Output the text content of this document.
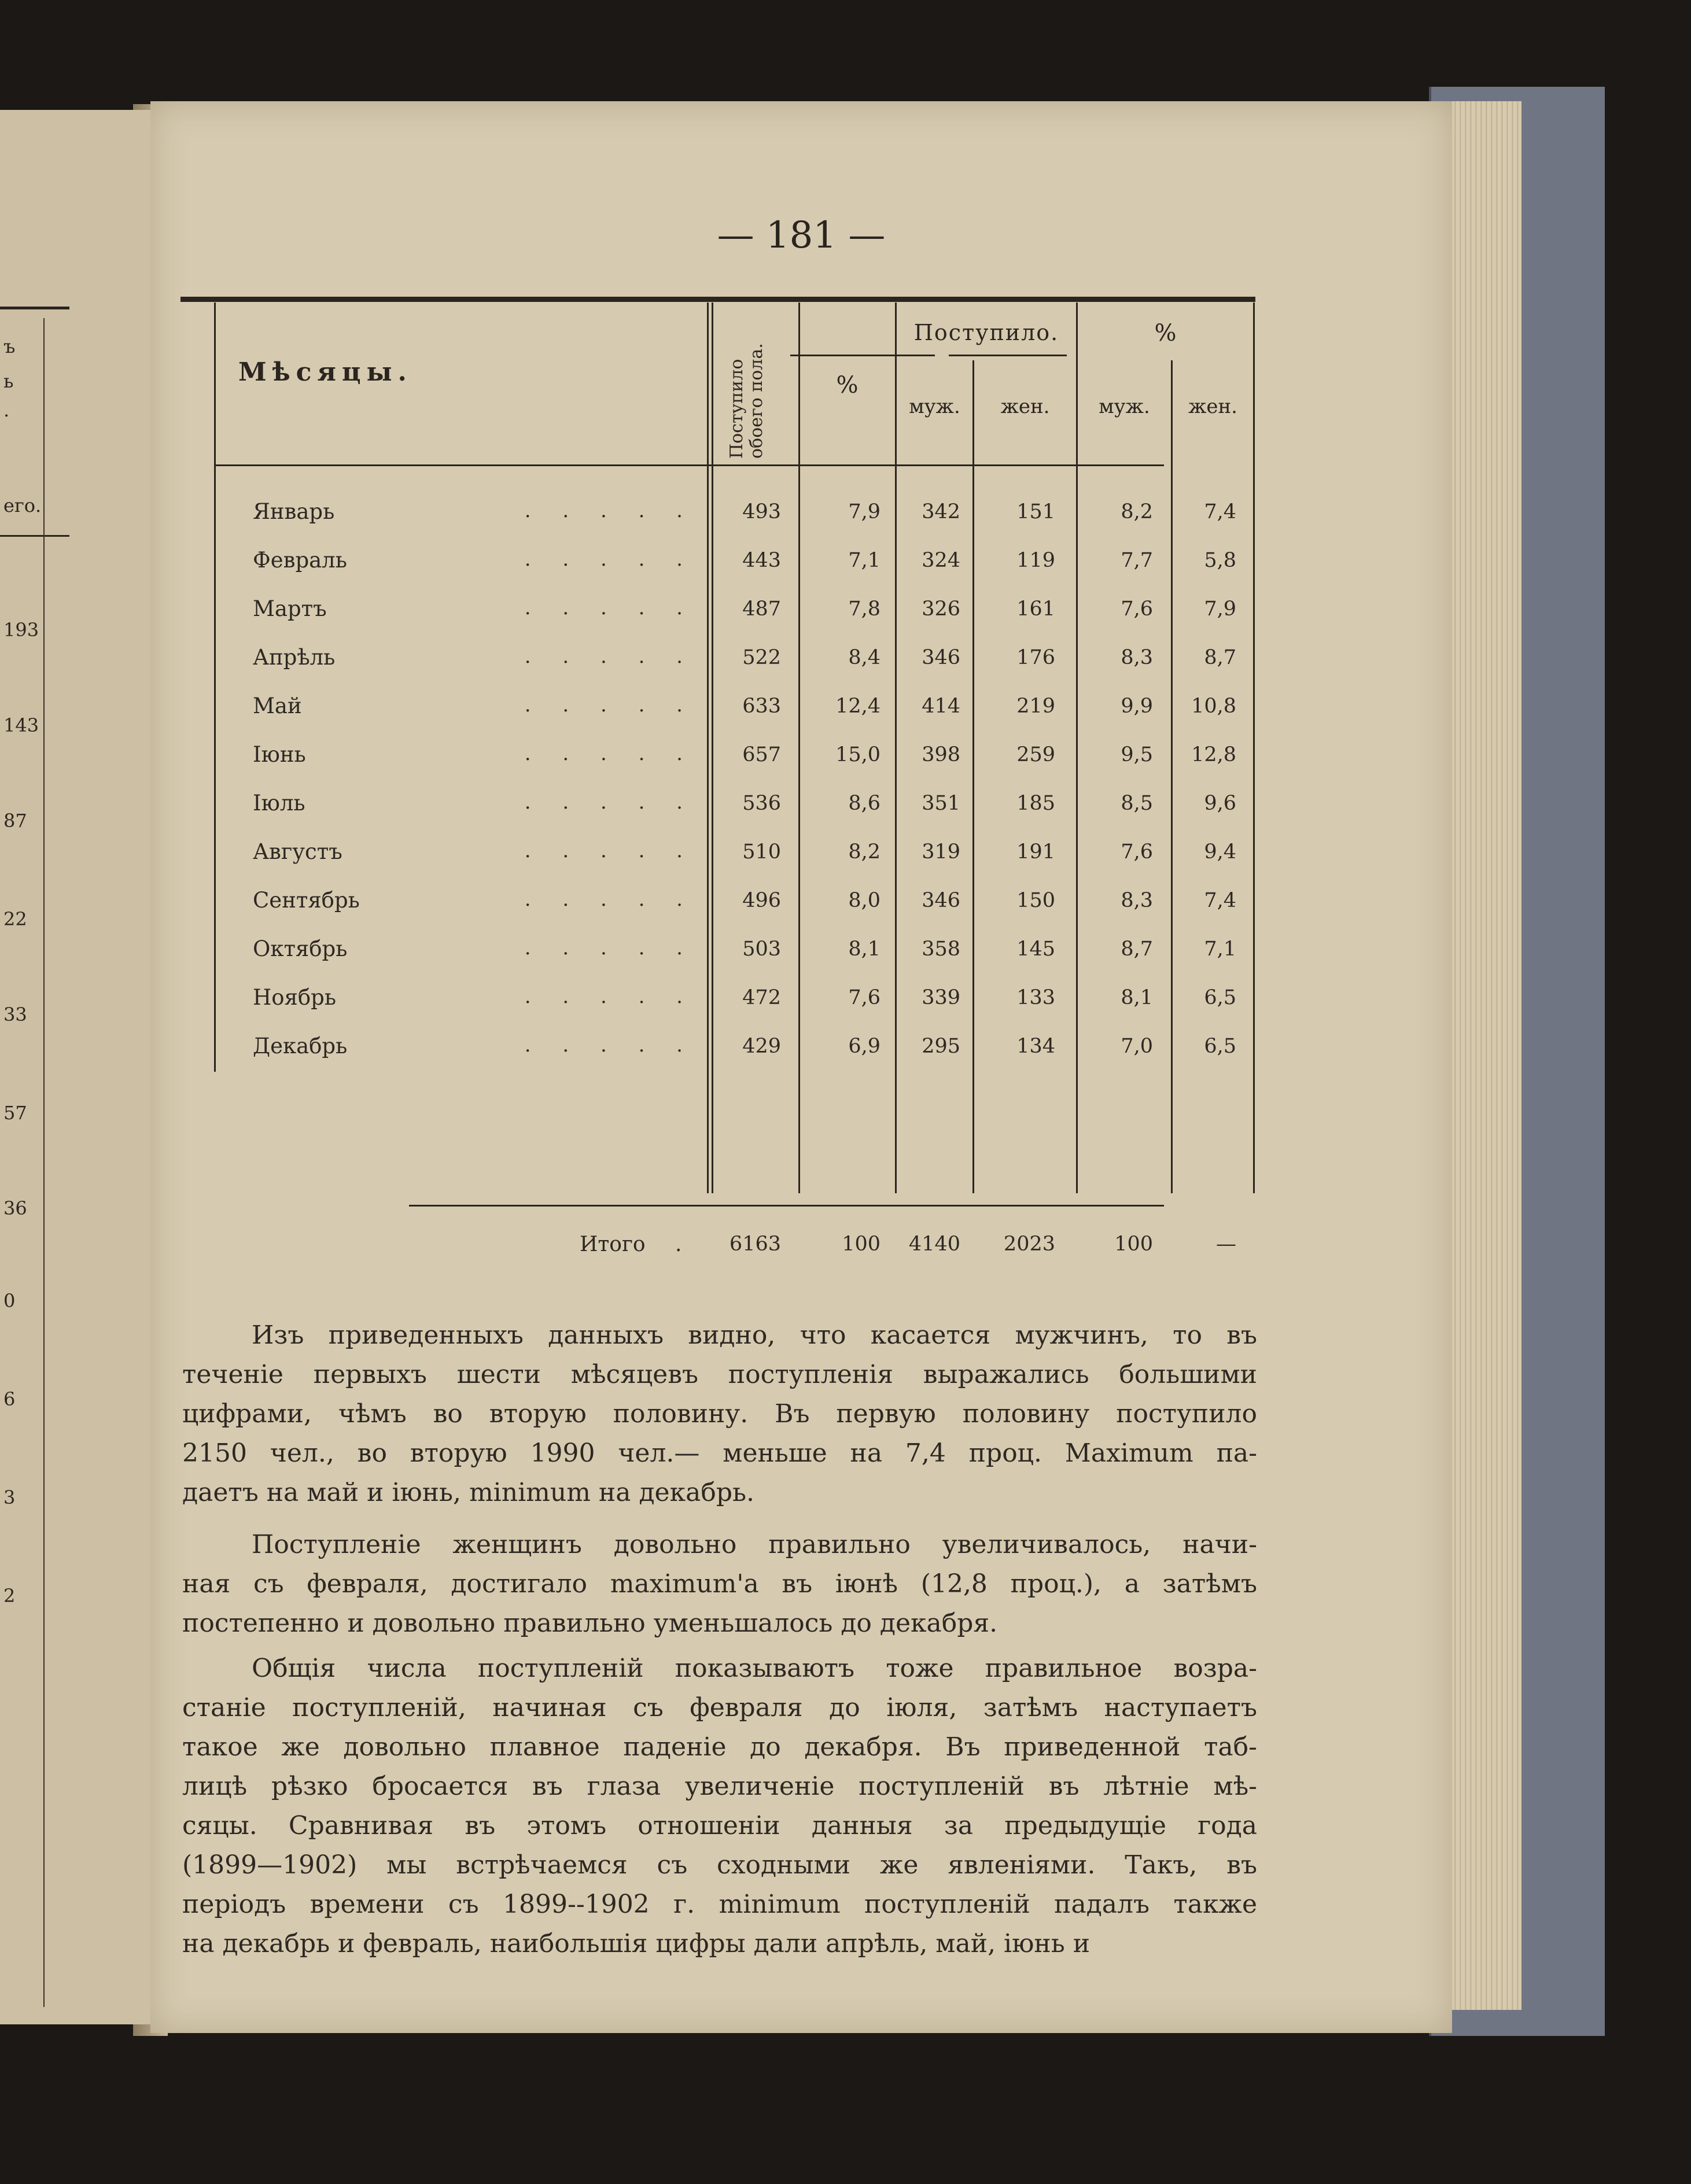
ъ
ь
.
его.
193
143
87
22
33
57
36
0
6
3
2
— 181 —
Мѣсяцы.	Поступило обоего пола.	%
Поступило.	%
муж.	жен.	муж.	жен.
Январь	. . . . .	493	7,9	342	151	8,2	7,4
Февраль	. . . . .	443	7,1	324	119	7,7	5,8
Мартъ	. . . . .	487	7,8	326	161	7,6	7,9
Апрѣль	. . . . .	522	8,4	346	176	8,3	8,7
Май	. . . . .	633	12,4	414	219	9,9	10,8
Іюнь	. . . . .	657	15,0	398	259	9,5	12,8
Іюль	. . . . .	536	8,6	351	185	8,5	9,6
Августъ	. . . . .	510	8,2	319	191	7,6	9,4
Сентябрь	. . . . .	496	8,0	346	150	8,3	7,4
Октябрь	. . . . .	503	8,1	358	145	8,7	7,1
Ноябрь	. . . . .	472	7,6	339	133	8,1	6,5
Декабрь	. . . . .	429	6,9	295	134	7,0	6,5
Итого .	6163	100	4140	2023	100	—
Изъ приведенныхъ данныхъ видно, что касается мужчинъ, то въ
теченіе первыхъ шести мѣсяцевъ поступленія выражались большими
цифрами, чѣмъ во вторую половину. Въ первую половину поступило
2150 чел., во вторую 1990 чел.— меньше на 7,4 проц. Maximum па-
даетъ на май и іюнь, minimum на декабрь.
Поступленіе женщинъ довольно правильно увеличивалось, начи-
ная съ февраля, достигало maximum'а въ іюнѣ (12,8 проц.), а затѣмъ
постепенно и довольно правильно уменьшалось до декабря.
Общія числа поступленій показываютъ тоже правильное возра-
станіе поступленій, начиная съ февраля до іюля, затѣмъ наступаетъ
такое же довольно плавное паденіе до декабря. Въ приведенной таб-
лицѣ рѣзко бросается въ глаза увеличеніе поступленій въ лѣтніе мѣ-
сяцы. Сравнивая въ этомъ отношеніи данныя за предыдущіе года
(1899—1902) мы встрѣчаемся съ сходными же явленіями. Такъ, въ
періодъ времени съ 1899--1902 г. minimum поступленій падалъ также
на декабрь и февраль, наибольшія цифры дали апрѣль, май, іюнь и
